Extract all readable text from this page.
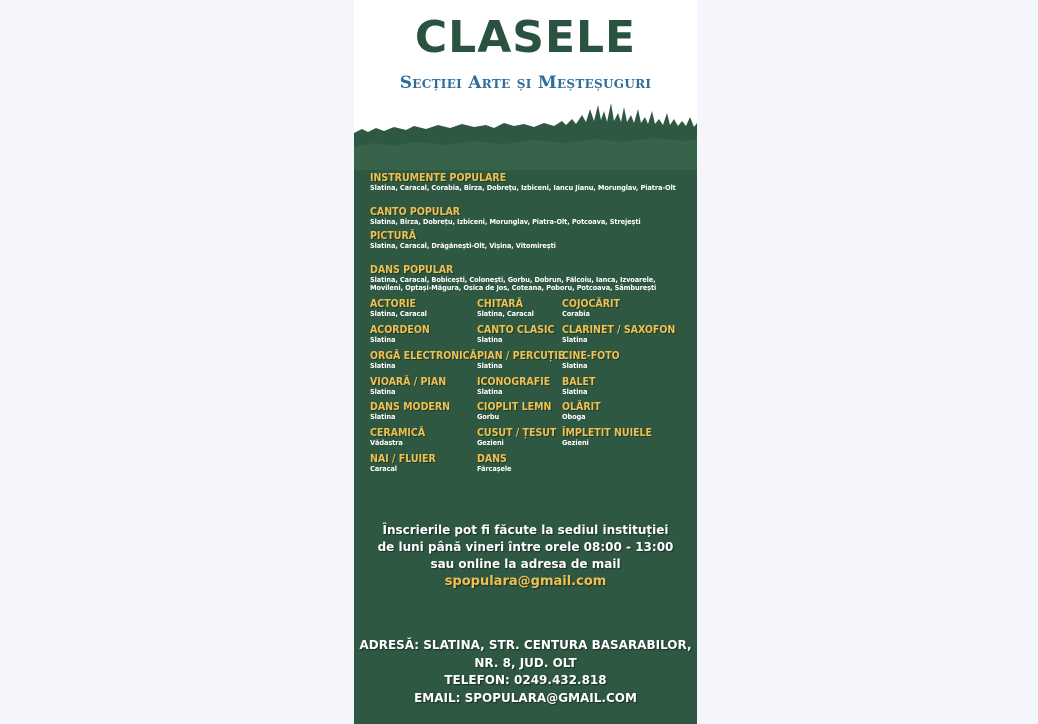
CLASELE
Secției Arte și Meșteșuguri
INSTRUMENTE POPULARE
Slatina, Caracal, Corabia, Bîrza, Dobrețu, Izbiceni, Iancu Jianu, Morunglav, Piatra-Olt
CANTO POPULAR
Slatina, Bîrza, Dobrețu, Izbiceni, Morunglav, Piatra-Olt, Potcoava, Strejești
PICTURĂ
Slatina, Caracal, Drăgănești-Olt, Vișina, Vitomirești
DANS POPULAR
Slatina, Caracal, Bobicești, Colonești, Gorbu, Dobrun, Fălcoiu, Ianca, Izvoarele, Movileni, Optași-Măgura, Osica de Jos, Coteana, Poboru, Potcoava, Sâmburești
ACTORIE
Slatina, Caracal
CHITARĂ
Slatina, Caracal
COJOCĂRIT
Corabia
ACORDEON
Slatina
CANTO CLASIC
Slatina
CLARINET / SAXOFON
Slatina
ORGĂ ELECTRONICĂ
Slatina
PIAN / PERCUȚIE
Slatina
CINE-FOTO
Slatina
VIOARĂ / PIAN
Slatina
ICONOGRAFIE
Slatina
BALET
Slatina
DANS MODERN
Slatina
CIOPLIT LEMN
Gorbu
OLĂRIT
Oboga
CERAMICĂ
Vădastra
CUSUT / ȚESUT
Gezieni
ÎMPLETIT NUIELE
Gezieni
NAI / FLUIER
Caracal
DANS
Fărcașele
Înscrierile pot fi făcute la sediul instituției
de luni până vineri între orele 08:00 - 13:00
sau online la adresa de mail
spopulara@gmail.com
ADRESĂ: SLATINA, STR. CENTURA BASARABILOR,
NR. 8, JUD. OLT
TELEFON: 0249.432.818
EMAIL: SPOPULARA@GMAIL.COM
